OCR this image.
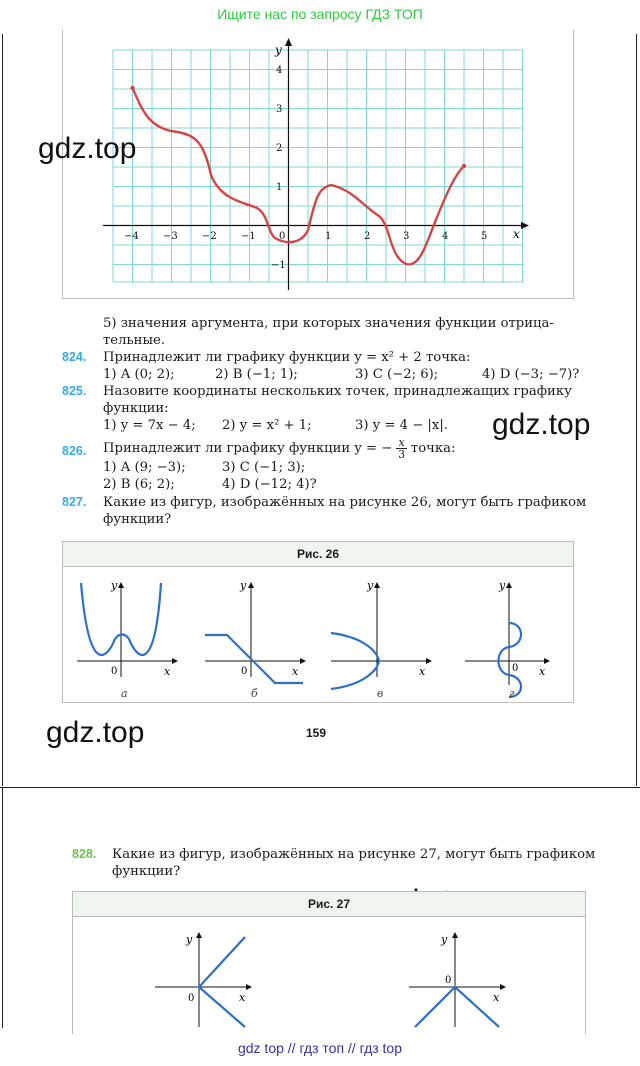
Ищите нас по запросу ГДЗ ТОП
x
y
−4 −3 −2 −1 0	1	2	3	4	5
4
3
2
1
−1
gdz.top
gdz.top
gdz.top
5) значения аргумента, при которых значения функции отрица-
тельные.
824. Принадлежит ли графику функции y = x² + 2 точка:
1) A (0; 2);	2) B (−1; 1);	3) C (−2; 6);	4) D (−3; −7)?
825. Назовите координаты нескольких точек, принадлежащих графику
функции:
1) y = 7x − 4; 2) y = x² + 1;	3) y = 4 − |x|.
826. Принадлежит ли графику функции y = − $\frac{x}{3}$ точка:
1) A (9; −3);	3) C (−1; 3);
2) B (6; 2);	4) D (−12; 4)?
827. Какие из фигур, изображённых на рисунке 26, могут быть графиком
функции?
Рис. 26
y
x
0
а
y
x
0
б
y
x
в
y
x
0
г
159
828. Какие из фигур, изображённых на рисунке 27, могут быть графиком
функции?
Рис. 27
y
x
0
y
x
0
gdz top // гдз топ // гдз top
